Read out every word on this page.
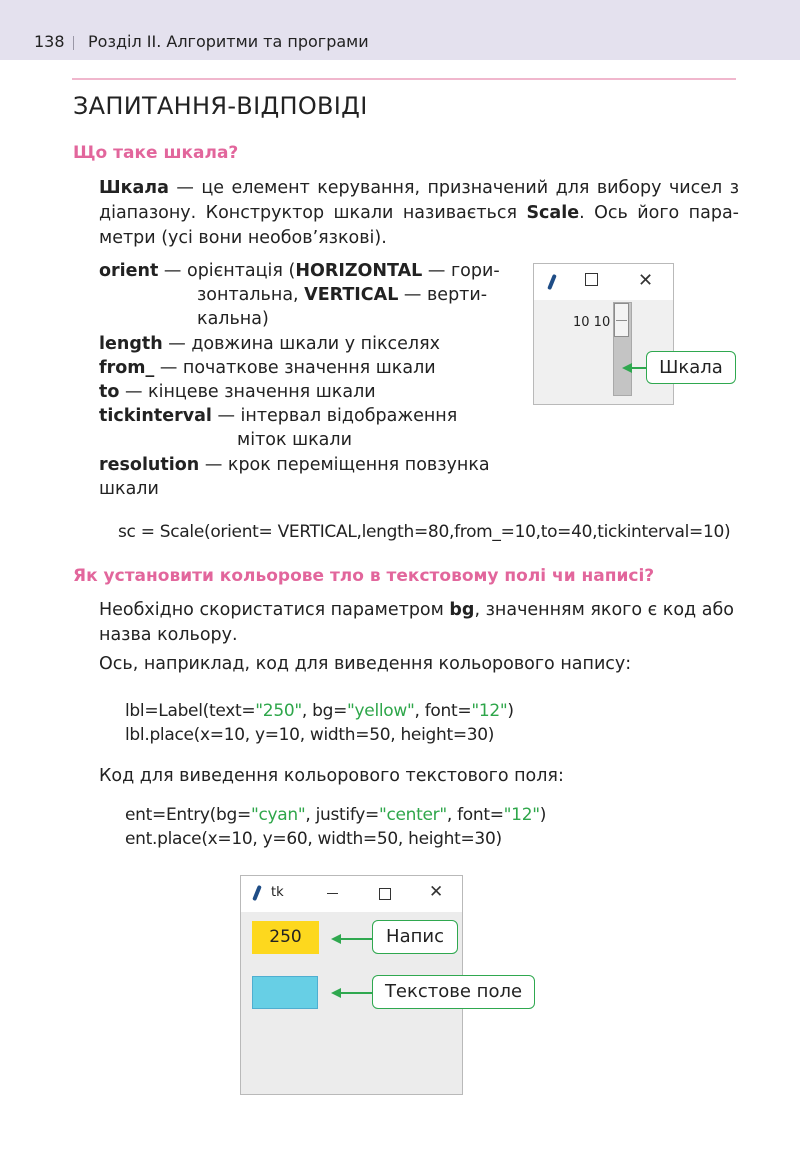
138 Розділ ІІ. Алгоритми та програми
ЗАПИТАННЯ-ВІДПОВІДІ
Що таке шкала?
Шкала — це елемент керування, призначений для вибору чисел з діапазону. Конструктор шкали називається Scale. Ось його пара-метри (усі вони необов’язкові).
orient — орієнтація (HORIZONTAL — гори-
зонтальна, VERTICAL — верти-
кальна)
length — довжина шкали у пікселях
from_ — початкове значення шкали
to — кінцеве значення шкали
tickinterval — інтервал відображення
міток шкали
resolution — крок переміщення повзунка
шкали
✕
10 10
Шкала
sc = Scale(orient= VERTICAL,length=80,from_=10,to=40,tickinterval=10)
Як установити кольорове тло в текстовому полі чи написі?
Необхідно скористатися параметром bg, значенням якого є код або назва кольору.
Ось, наприклад, код для виведення кольорового напису:
lbl=Label(text="250", bg="yellow", font="12")
lbl.place(x=10, y=10, width=50, height=30)
Код для виведення кольорового текстового поля:
ent=Entry(bg="cyan", justify="center", font="12")
ent.place(x=10, y=60, width=50, height=30)
tk	✕
250	Напис
Текстове поле
